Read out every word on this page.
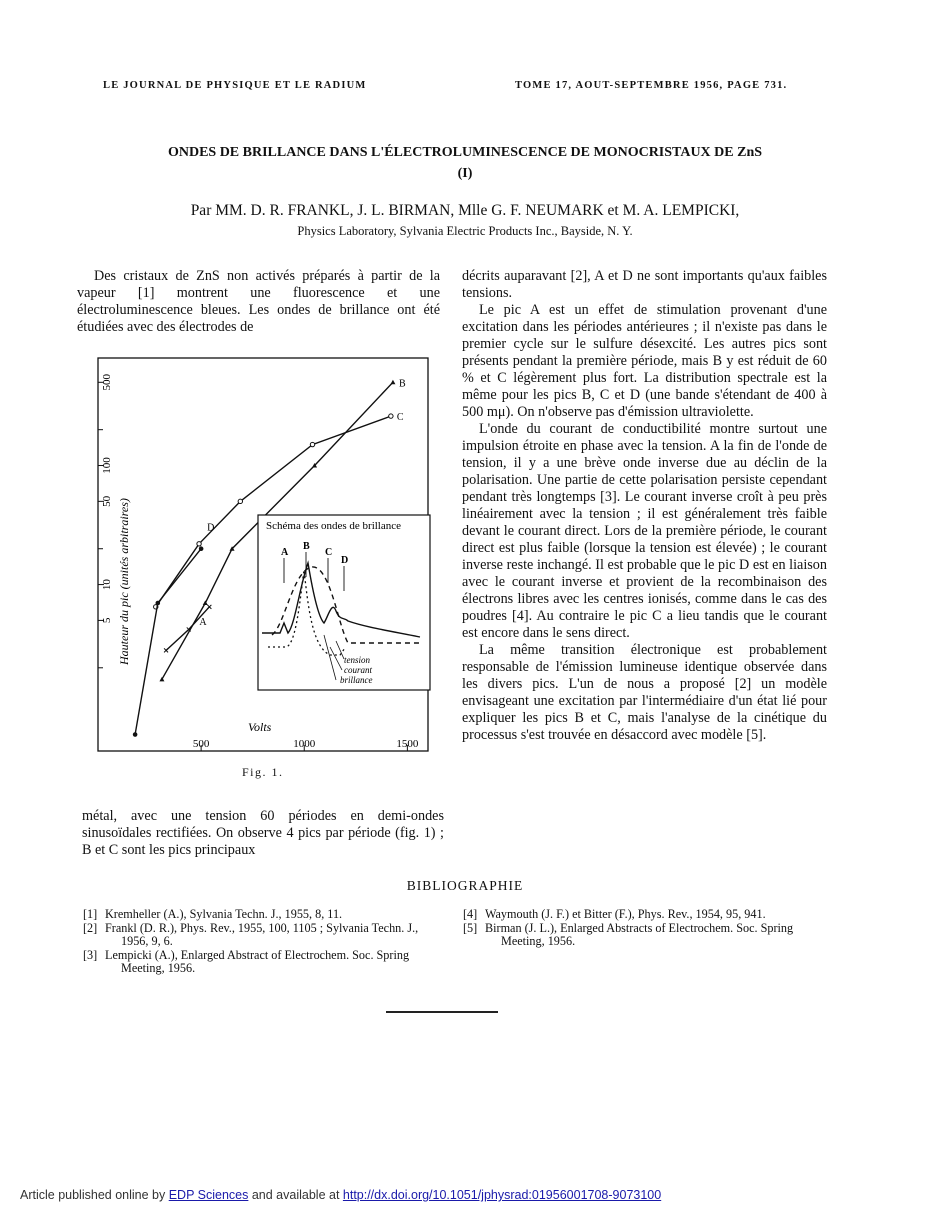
LE JOURNAL DE PHYSIQUE ET LE RADIUM	TOME 17, AOUT-SEPTEMBRE 1956, PAGE 731.
ONDES DE BRILLANCE DANS L'ÉLECTROLUMINESCENCE DE MONOCRISTAUX DE ZnS
(I)
Par MM. D. R. FRANKL, J. L. BIRMAN, Mlle G. F. NEUMARK et M. A. LEMPICKI,
Physics Laboratory, Sylvania Electric Products Inc., Bayside, N. Y.

Des cristaux de ZnS non activés préparés à partir de la vapeur [1] montrent une fluorescence et une électroluminescence bleues. Les ondes de brillance ont été étudiées avec des électrodes de

5
10
50
100
500
500	1000	1500
A
B
C
D
Hauteur du pic (unités arbitraires)
Volts
Schéma des ondes de brillance
A
B
C
D
tension
courant
brillance
Fig. 1.

métal, avec une tension 60 périodes en demi-ondes sinusoïdales rectifiées. On observe 4 pics par période (fig. 1) ; B et C sont les pics principaux

décrits auparavant [2], A et D ne sont importants qu'aux faibles tensions.

Le pic A est un effet de stimulation provenant d'une excitation dans les périodes antérieures ; il n'existe pas dans le premier cycle sur le sulfure désexcité. Les autres pics sont présents pendant la première période, mais B y est réduit de 60 % et C légèrement plus fort. La distribution spectrale est la même pour les pics B, C et D (une bande s'étendant de 400 à 500 mμ). On n'observe pas d'émission ultraviolette.

L'onde du courant de conductibilité montre surtout une impulsion étroite en phase avec la tension. A la fin de l'onde de tension, il y a une brève onde inverse due au déclin de la polarisation. Une partie de cette polarisation persiste cependant pendant très longtemps [3]. Le courant inverse croît à peu près linéairement avec la tension ; il est généralement très faible devant le courant direct. Lors de la première période, le courant direct est plus faible (lorsque la tension est élevée) ; le courant inverse reste inchangé. Il est probable que le pic D est en liaison avec le courant inverse et provient de la recombinaison des électrons libres avec les centres ionisés, comme dans le cas des poudres [4]. Au contraire le pic C a lieu tandis que le courant est encore dans le sens direct.

La même transition électronique est probablement responsable de l'émission lumineuse identique observée dans les divers pics. L'un de nous a proposé [2] un modèle envisageant une excitation par l'intermédiaire d'un état lié pour expliquer les pics B et C, mais l'analyse de la cinétique du processus s'est trouvée en désaccord avec modèle [5].

BIBLIOGRAPHIE
[1] Kremheller (A.), Sylvania Techn. J., 1955, 8, 11.
[2] Frankl (D. R.), Phys. Rev., 1955, 100, 1105 ; Sylvania Techn. J., 1956, 9, 6.
[3] Lempicki (A.), Enlarged Abstract of Electrochem. Soc. Spring Meeting, 1956.
[4] Waymouth (J. F.) et Bitter (F.), Phys. Rev., 1954, 95, 941.
[5] Birman (J. L.), Enlarged Abstracts of Electrochem. Soc. Spring Meeting, 1956.
Article published online by EDP Sciences and available at http://dx.doi.org/10.1051/jphysrad:01956001708-9073100
